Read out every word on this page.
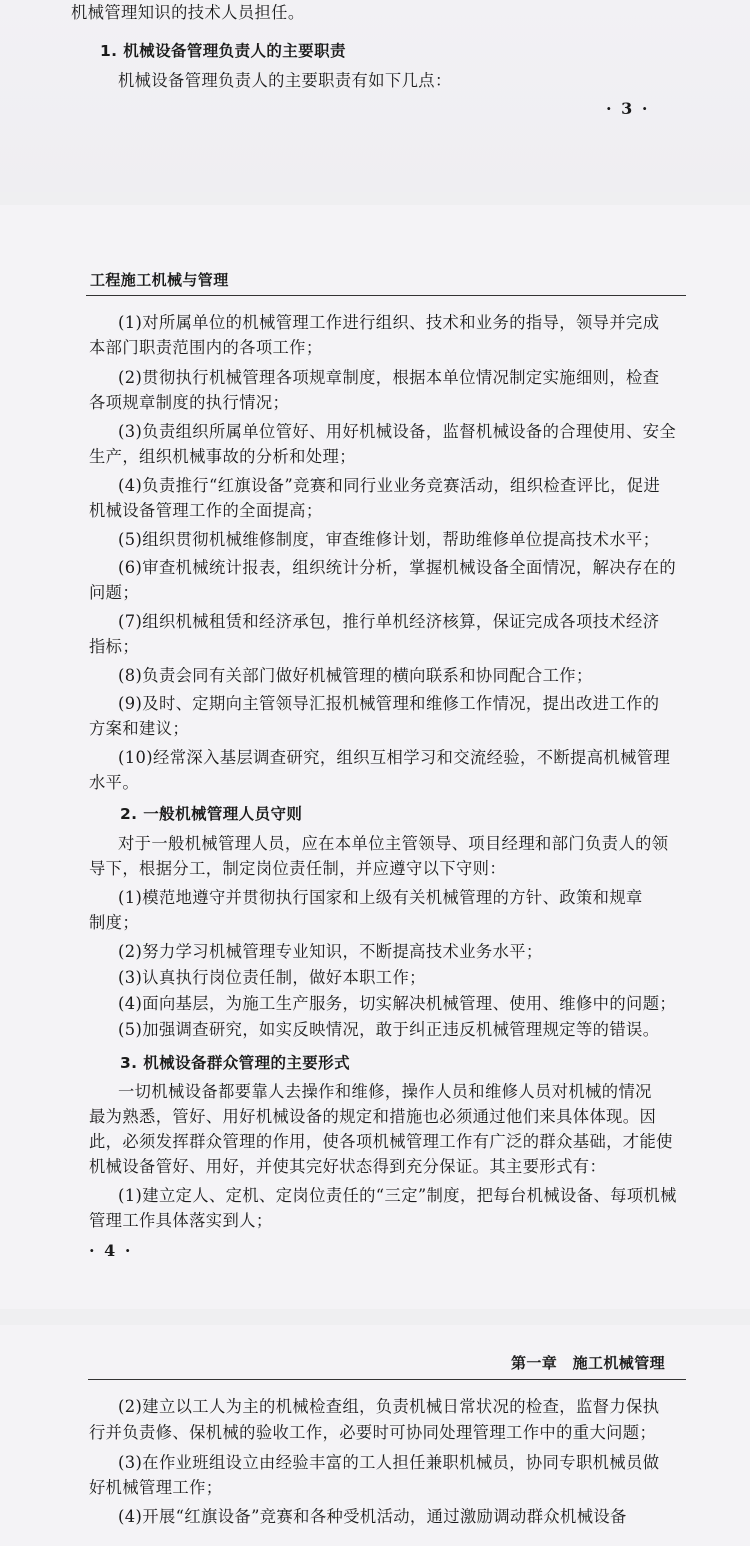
机械管理知识的技术人员担任。
1. 机械设备管理负责人的主要职责
机械设备管理负责人的主要职责有如下几点：
· 3 ·
工程施工机械与管理
(1)对所属单位的机械管理工作进行组织、技术和业务的指导，领导并完成
本部门职责范围内的各项工作；
(2)贯彻执行机械管理各项规章制度，根据本单位情况制定实施细则，检查
各项规章制度的执行情况；
(3)负责组织所属单位管好、用好机械设备，监督机械设备的合理使用、安全
生产，组织机械事故的分析和处理；
(4)负责推行“红旗设备”竞赛和同行业业务竞赛活动，组织检查评比，促进
机械设备管理工作的全面提高；
(5)组织贯彻机械维修制度，审查维修计划，帮助维修单位提高技术水平；
(6)审查机械统计报表，组织统计分析，掌握机械设备全面情况，解决存在的
问题；
(7)组织机械租赁和经济承包，推行单机经济核算，保证完成各项技术经济
指标；
(8)负责会同有关部门做好机械管理的横向联系和协同配合工作；
(9)及时、定期向主管领导汇报机械管理和维修工作情况，提出改进工作的
方案和建议；
(10)经常深入基层调查研究，组织互相学习和交流经验，不断提高机械管理
水平。
2. 一般机械管理人员守则
对于一般机械管理人员，应在本单位主管领导、项目经理和部门负责人的领
导下，根据分工，制定岗位责任制，并应遵守以下守则：
(1)模范地遵守并贯彻执行国家和上级有关机械管理的方针、政策和规章
制度；
(2)努力学习机械管理专业知识，不断提高技术业务水平；
(3)认真执行岗位责任制，做好本职工作；
(4)面向基层，为施工生产服务，切实解决机械管理、使用、维修中的问题；
(5)加强调查研究，如实反映情况，敢于纠正违反机械管理规定等的错误。
3. 机械设备群众管理的主要形式
一切机械设备都要靠人去操作和维修，操作人员和维修人员对机械的情况
最为熟悉，管好、用好机械设备的规定和措施也必须通过他们来具体体现。因
此，必须发挥群众管理的作用，使各项机械管理工作有广泛的群众基础，才能使
机械设备管好、用好，并使其完好状态得到充分保证。其主要形式有：
(1)建立定人、定机、定岗位责任的“三定”制度，把每台机械设备、每项机械
管理工作具体落实到人；
· 4 ·
第一章　施工机械管理
(2)建立以工人为主的机械检查组，负责机械日常状况的检查，监督力保执
行并负责修、保机械的验收工作，必要时可协同处理管理工作中的重大问题；
(3)在作业班组设立由经验丰富的工人担任兼职机械员，协同专职机械员做
好机械管理工作；
(4)开展“红旗设备”竞赛和各种受机活动，通过激励调动群众机械设备
